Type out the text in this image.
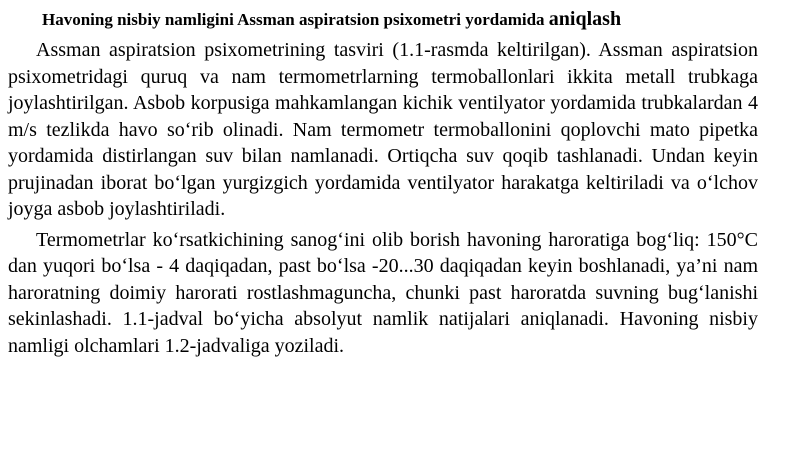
Havoning nisbiy namligini Assman aspiratsion psixometri yordamida aniqlash

Assman aspiratsion psixometrining tasviri (1.1-rasmda keltirilgan). Assman aspiratsion psixometridagi quruq va nam termometrlarning termoballonlari ikkita metall trubkaga joylashtirilgan. Asbob korpusiga mahkamlangan kichik ventilyator yordamida trubkalardan 4 m/s tezlikda havo so‘rib olinadi. Nam termometr termoballonini qoplovchi mato pipetka yordamida distirlangan suv bilan namlanadi. Ortiqcha suv qoqib tashlanadi. Undan keyin prujinadan iborat bo‘lgan yurgizgich yordamida ventilyator harakatga keltiriladi va o‘lchov joyga asbob joylashtiriladi.

Termometrlar ko‘rsatkichining sanog‘ini olib borish havoning haroratiga bog‘liq: 150°C dan yuqori bo‘lsa - 4 daqiqadan, past bo‘lsa -20...30 daqiqadan keyin boshlanadi, ya’ni nam haroratning doimiy harorati rostlashmaguncha, chunki past haroratda suvning bug‘lanishi sekinlashadi. 1.1-jadval bo‘yicha absolyut namlik natijalari aniqlanadi. Havoning nisbiy namligi olchamlari 1.2-jadvaliga yoziladi.
